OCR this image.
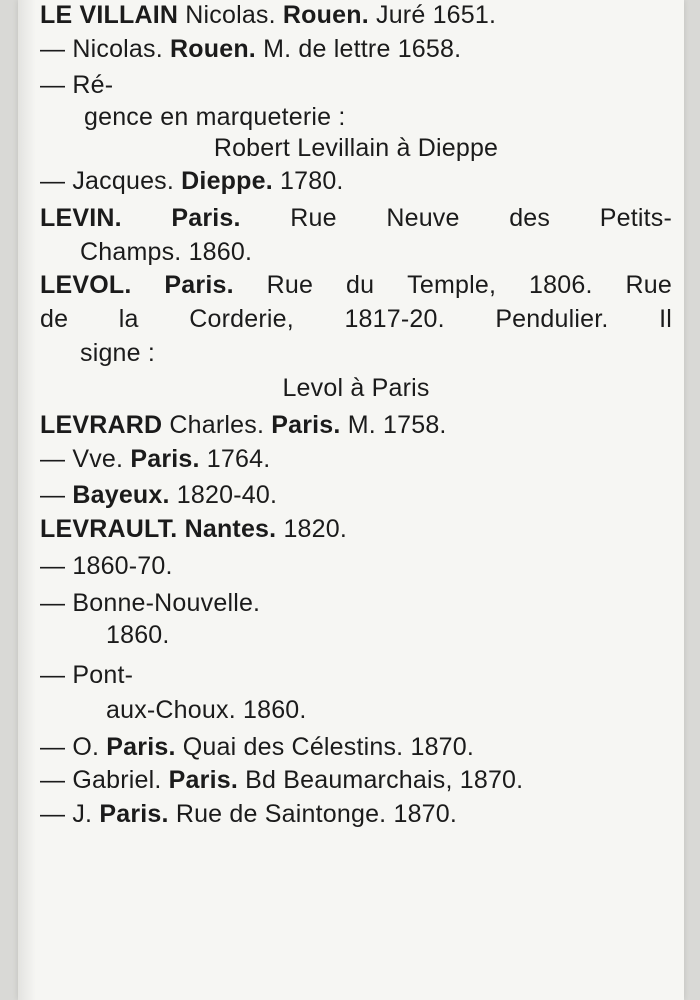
LE VILLAIN Nicolas. Rouen. Juré 1651.
— Nicolas. Rouen. M. de lettre 1658.
— Ré-
gence en marqueterie :
Robert Levillain à Dieppe
— Jacques. Dieppe. 1780.
LEVIN. Paris. Rue Neuve des Petits-
Champs. 1860.
LEVOL. Paris. Rue du Temple, 1806. Rue
de la Corderie, 1817-20. Pendulier. Il
signe :
Levol à Paris
LEVRARD Charles. Paris. M. 1758.
— Vve. Paris. 1764.
— Bayeux. 1820-40.
LEVRAULT. Nantes. 1820.
— 1860-70.
— Bonne-Nouvelle.
1860.
— Pont-
aux-Choux. 1860.
— O. Paris. Quai des Célestins. 1870.
— Gabriel. Paris. Bd Beaumarchais, 1870.
— J. Paris. Rue de Saintonge. 1870.
